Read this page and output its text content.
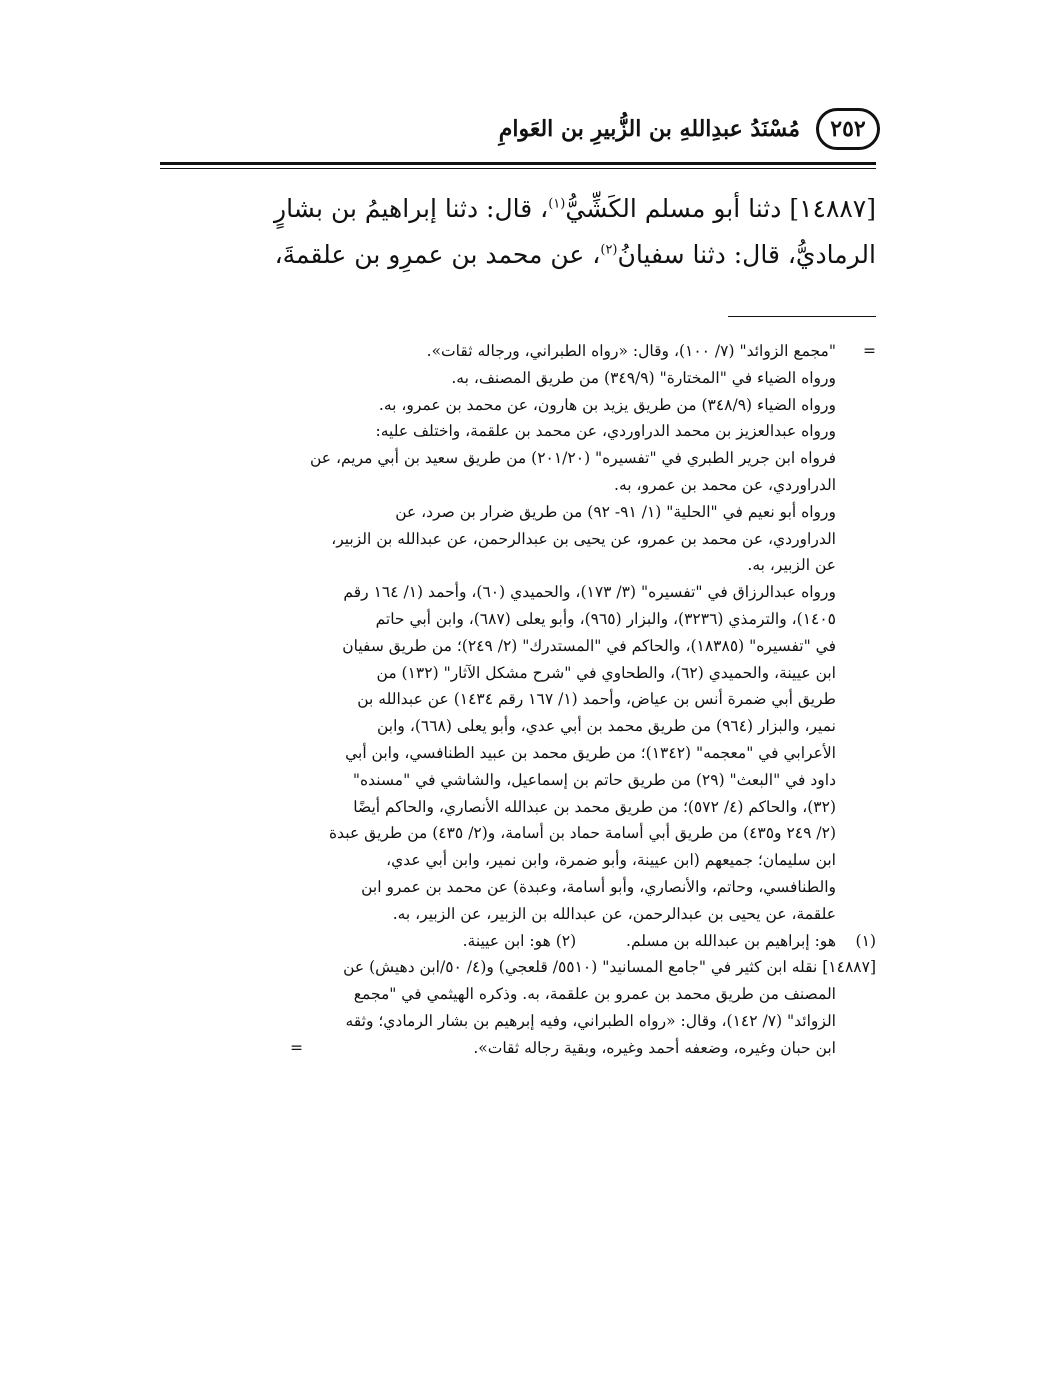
٢٥٢
مُسْنَدُ عبدِاللهِ بن الزُّبيرِ بن العَوامِ

[١٤٨٨٧] دثنا أبو مسلم الكَشِّيُّ$^{(١)}$، قال: دثنا إبراهيمُ بن بشارٍ

الرماديُّ، قال: دثنا سفيانُ$^{(٢)}$، عن محمد بن عمرِو بن علقمةَ،

=

"مجمع الزوائد" (٧/ ١٠٠)، وقال: «رواه الطبراني، ورجاله ثقات».

ورواه الضياء في "المختارة" (٣٤٩/٩) من طريق المصنف، به.

ورواه الضياء (٣٤٨/٩) من طريق يزيد بن هارون، عن محمد بن عمرو، به.

ورواه عبدالعزيز بن محمد الدراوردي، عن محمد بن علقمة، واختلف عليه:

فرواه ابن جرير الطبري في "تفسيره" (٢٠١/٢٠) من طريق سعيد بن أبي مريم، عن

الدراوردي، عن محمد بن عمرو، به.

ورواه أبو نعيم في "الحلية" (١/ ٩١- ٩٢) من طريق ضرار بن صرد، عن

الدراوردي، عن محمد بن عمرو، عن يحيى بن عبدالرحمن، عن عبدالله بن الزبير،

عن الزبير، به.

ورواه عبدالرزاق في "تفسيره" (٣/ ١٧٣)، والحميدي (٦٠)، وأحمد (١/ ١٦٤ رقم

١٤٠٥)، والترمذي (٣٢٣٦)، والبزار (٩٦٥)، وأبو يعلى (٦٨٧)، وابن أبي حاتم

في "تفسيره" (١٨٣٨٥)، والحاكم في "المستدرك" (٢/ ٢٤٩)؛ من طريق سفيان

ابن عيينة، والحميدي (٦٢)، والطحاوي في "شرح مشكل الآثار" (١٣٢) من

طريق أبي ضمرة أنس بن عياض، وأحمد (١/ ١٦٧ رقم ١٤٣٤) عن عبدالله بن

نمير، والبزار (٩٦٤) من طريق محمد بن أبي عدي، وأبو يعلى (٦٦٨)، وابن

الأعرابي في "معجمه" (١٣٤٢)؛ من طريق محمد بن عبيد الطنافسي، وابن أبي

داود في "البعث" (٢٩) من طريق حاتم بن إسماعيل، والشاشي في "مسنده"

(٣٢)، والحاكم (٤/ ٥٧٢)؛ من طريق محمد بن عبدالله الأنصاري، والحاكم أيضًا

(٢/ ٢٤٩ و٤٣٥) من طريق أبي أسامة حماد بن أسامة، و(٢/ ٤٣٥) من طريق عبدة

ابن سليمان؛ جميعهم (ابن عيينة، وأبو ضمرة، وابن نمير، وابن أبي عدي،

والطنافسي، وحاتم، والأنصاري، وأبو أسامة، وعبدة) عن محمد بن عمرو ابن

علقمة، عن يحيى بن عبدالرحمن، عن عبدالله بن الزبير، عن الزبير، به.

(١)
هو: إبراهيم بن عبدالله بن مسلم.  (٢) هو: ابن عيينة.

[١٤٨٨٧] نقله ابن كثير في "جامع المسانيد" (٥٥١٠/ قلعجي) و(٤/ ٥٠/ابن دهيش) عن

المصنف من طريق محمد بن عمرو بن علقمة، به. وذكره الهيثمي في "مجمع

الزوائد" (٧/ ١٤٢)، وقال: «رواه الطبراني، وفيه إبرهيم بن بشار الرمادي؛ وثقه

ابن حبان وغيره، وضعفه أحمد وغيره، وبقية رجاله ثقات».
=
